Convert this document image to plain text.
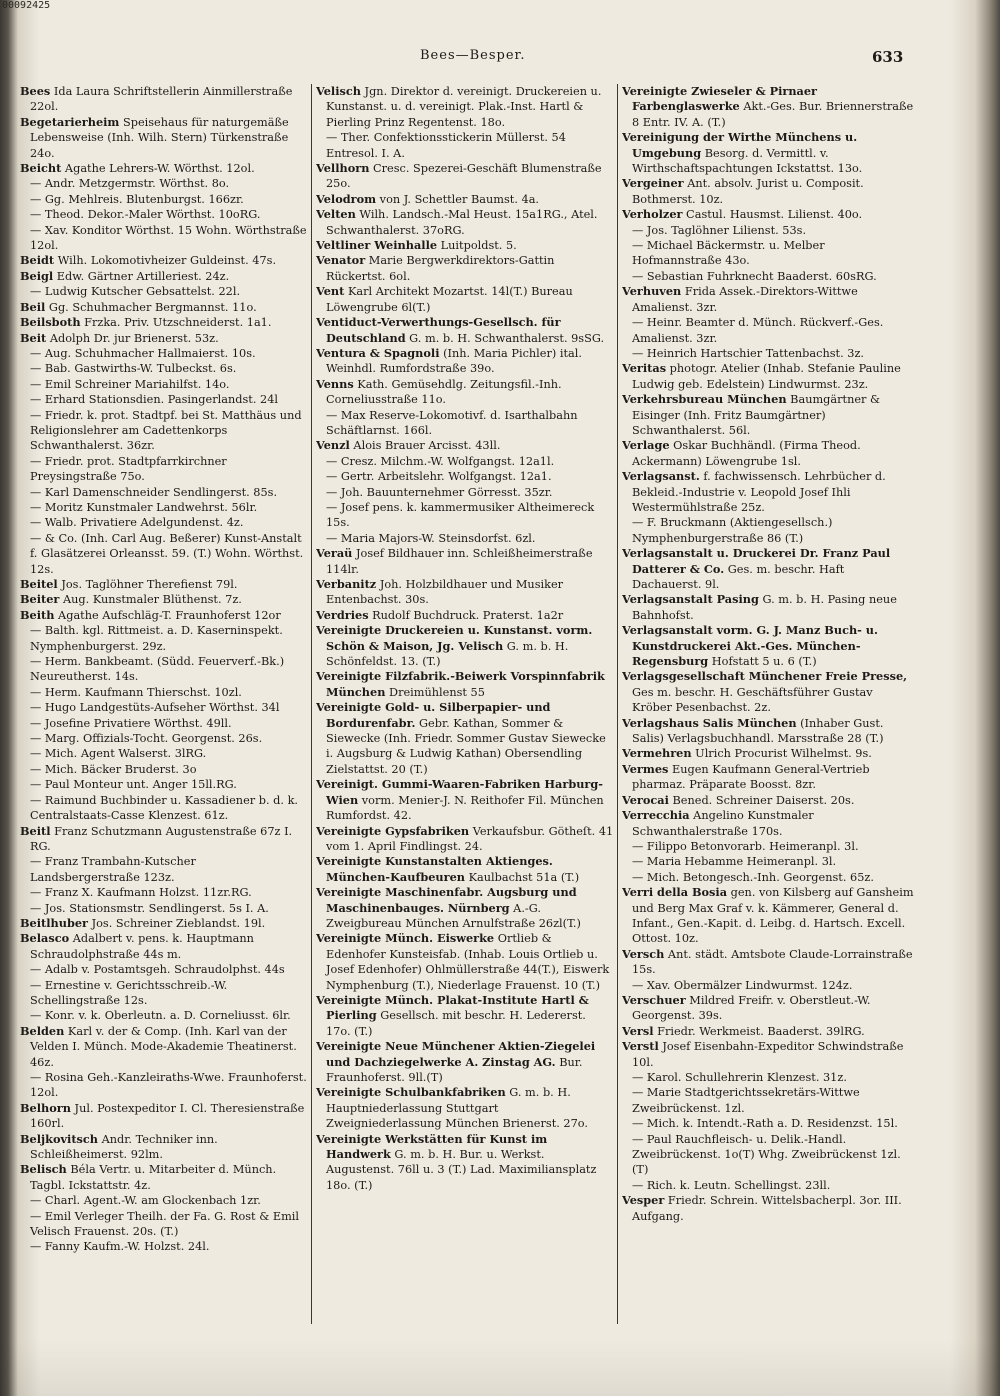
00092425
Bees—Besper.	633

Bees Ida Laura Schriftstellerin Ainmillerstraße 22ol.

Begetarierheim Speisehaus für naturgemäße Lebensweise (Inh. Wilh. Stern) Türkenstraße 24o.

Beicht Agathe Lehrers-W. Wörthst. 12ol.

— Andr. Metzgermstr. Wörthst. 8o.

— Gg. Mehlreis. Blutenburgst. 166zr.

— Theod. Dekor.-Maler Wörthst. 10oRG.

— Xav. Konditor Wörthst. 15 Wohn. Wörthstraße 12ol.

Beidt Wilh. Lokomotivheizer Guldeinst. 47s.

Beigl Edw. Gärtner Artilleriest. 24z.

— Ludwig Kutscher Gebsattelst. 22l.

Beil Gg. Schuhmacher Bergmannst. 11o.

Beilsboth Frzka. Priv. Utzschneiderst. 1a1.

Beit Adolph Dr. jur Brienerst. 53z.

— Aug. Schuhmacher Hallmaierst. 10s.

— Bab. Gastwirths-W. Tulbeckst. 6s.

— Emil Schreiner Mariahilfst. 14o.

— Erhard Stationsdien. Pasingerlandst. 24l

— Friedr. k. prot. Stadtpf. bei St. Matthäus und Religionslehrer am Cadettenkorps Schwanthalerst. 36zr.

— Friedr. prot. Stadtpfarrkirchner Preysingstraße 75o.

— Karl Damenschneider Sendlingerst. 85s.

— Moritz Kunstmaler Landwehrst. 56lr.

— Walb. Privatiere Adelgundenst. 4z.

— & Co. (Inh. Carl Aug. Beßerer) Kunst-Anstalt f. Glasätzerei Orleansst. 59. (T.) Wohn. Wörthst. 12s.

Beitel Jos. Taglöhner Therefienst 79l.

Beiter Aug. Kunstmaler Blüthenst. 7z.

Beith Agathe Aufschläg-T. Fraunhoferst 12or

— Balth. kgl. Rittmeist. a. D. Kaserninspekt. Nymphenburgerst. 29z.

— Herm. Bankbeamt. (Südd. Feuerverf.-Bk.) Neureutherst. 14s.

— Herm. Kaufmann Thierschst. 10zl.

— Hugo Landgestüts-Aufseher Wörthst. 34l

— Josefine Privatiere Wörthst. 49ll.

— Marg. Offizials-Tocht. Georgenst. 26s.

— Mich. Agent Walserst. 3lRG.

— Mich. Bäcker Bruderst. 3o

— Paul Monteur unt. Anger 15ll.RG.

— Raimund Buchbinder u. Kassadiener b. d. k. Centralstaats-Casse Klenzest. 61z.

Beitl Franz Schutzmann Augustenstraße 67z I. RG.

— Franz Trambahn-Kutscher Landsbergerstraße 123z.

— Franz X. Kaufmann Holzst. 11zr.RG.

— Jos. Stationsmstr. Sendlingerst. 5s I. A.

Beitlhuber Jos. Schreiner Zieblandst. 19l.

Belasco Adalbert v. pens. k. Hauptmann Schraudolphstraße 44s m.

— Adalb v. Postamtsgeh. Schraudolphst. 44s

— Ernestine v. Gerichtsschreib.-W. Schellingstraße 12s.

— Konr. v. k. Oberleutn. a. D. Corneliusst. 6lr.

Belden Karl v. der & Comp. (Inh. Karl van der Velden I. Münch. Mode-Akademie Theatinerst. 46z.

— Rosina Geh.-Kanzleiraths-Wwe. Fraunhoferst. 12ol.

Belhorn Jul. Postexpeditor I. Cl. Theresienstraße 160rl.

Beljkovitsch Andr. Techniker inn. Schleißheimerst. 92lm.

Belisch Béla Vertr. u. Mitarbeiter d. Münch. Tagbl. Ickstattstr. 4z.

— Charl. Agent.-W. am Glockenbach 1zr.

— Emil Verleger Theilh. der Fa. G. Rost & Emil Velisch Frauenst. 20s. (T.)

— Fanny Kaufm.-W. Holzst. 24l.

Velisch Jgn. Direktor d. vereinigt. Druckereien u. Kunstanst. u. d. vereinigt. Plak.-Inst. Hartl & Pierling Prinz Regentenst. 18o.

— Ther. Confektionsstickerin Müllerst. 54 Entresol. I. A.

Vellhorn Cresc. Spezerei-Geschäft Blumenstraße 25o.

Velodrom von J. Schettler Baumst. 4a.

Velten Wilh. Landsch.-Mal Heust. 15a1RG., Atel. Schwanthalerst. 37oRG.

Veltliner Weinhalle Luitpoldst. 5.

Venator Marie Bergwerkdirektors-Gattin Rückertst. 6ol.

Vent Karl Architekt Mozartst. 14l(T.) Bureau Löwengrube 6l(T.)

Ventiduct-Verwerthungs-Gesellsch. für Deutschland G. m. b. H. Schwanthalerst. 9sSG.

Ventura & Spagnoli (Inh. Maria Pichler) ital. Weinhdl. Rumfordstraße 39o.

Venns Kath. Gemüsehdlg. Zeitungsfil.-Inh. Corneliusstraße 11o.

— Max Reserve-Lokomotivf. d. Isarthalbahn Schäftlarnst. 166l.

Venzl Alois Brauer Arcisst. 43ll.

— Cresz. Milchm.-W. Wolfgangst. 12a1l.

— Gertr. Arbeitslehr. Wolfgangst. 12a1.

— Joh. Bauunternehmer Görresst. 35zr.

— Josef pens. k. kammermusiker Altheimereck 15s.

— Maria Majors-W. Steinsdorfst. 6zl.

Veraü Josef Bildhauer inn. Schleißheimerstraße 114lr.

Verbanitz Joh. Holzbildhauer und Musiker Entenbachst. 30s.

Verdries Rudolf Buchdruck. Praterst. 1a2r

Vereinigte Druckereien u. Kunstanst. vorm. Schön & Maison, Jg. Velisch G. m. b. H. Schönfeldst. 13. (T.)

Vereinigte Filzfabrik.-Beiwerk Vorspinnfabrik München Dreimühlenst 55

Vereinigte Gold- u. Silberpapier- und Bordurenfabr. Gebr. Kathan, Sommer & Siewecke (Inh. Friedr. Sommer Gustav Siewecke i. Augsburg & Ludwig Kathan) Obersendling Zielstattst. 20 (T.)

Vereinigt. Gummi-Waaren-Fabriken Harburg-Wien vorm. Menier-J. N. Reithofer Fil. München Rumfordst. 42.

Vereinigte Gypsfabriken Verkaufsbur. Götheſt. 41 vom 1. April Findlingst. 24.

Vereinigte Kunstanstalten Aktienges. München-Kaufbeuren Kaulbachst 51a (T.)

Vereinigte Maschinenfabr. Augsburg und Maschinenbauges. Nürnberg A.-G. Zweigbureau München Arnulfstraße 26zl(T.)

Vereinigte Münch. Eiswerke Ortlieb & Edenhofer Kunsteisfab. (Inhab. Louis Ortlieb u. Josef Edenhofer) Ohlmüllerstraße 44(T.), Eiswerk Nymphenburg (T.), Niederlage Frauenst. 10 (T.)

Vereinigte Münch. Plakat-Institute Hartl & Pierling Gesellsch. mit beschr. H. Ledererst. 17o. (T.)

Vereinigte Neue Münchener Aktien-Ziegelei und Dachziegelwerke A. Zinstag AG. Bur. Fraunhoferst. 9ll.(T)

Vereinigte Schulbankfabriken G. m. b. H. Hauptniederlassung Stuttgart Zweigniederlassung München Brienerst. 27o.

Vereinigte Werkstätten für Kunst im Handwerk G. m. b. H. Bur. u. Werkst. Augustenst. 76ll u. 3 (T.) Lad. Maximiliansplatz 18o. (T.)

Vereinigte Zwieseler & Pirnaer Farbenglaswerke Akt.-Ges. Bur. Briennerstraße 8 Entr. IV. A. (T.)

Vereinigung der Wirthe Münchens u. Umgebung Besorg. d. Vermittl. v. Wirthschaftspachtungen Ickstattst. 13o.

Vergeiner Ant. absolv. Jurist u. Composit. Bothmerst. 10z.

Verholzer Castul. Hausmst. Lilienst. 40o.

— Jos. Taglöhner Lilienst. 53s.

— Michael Bäckermstr. u. Melber Hofmannstraße 43o.

— Sebastian Fuhrknecht Baaderst. 60sRG.

Verhuven Frida Assek.-Direktors-Wittwe Amalienst. 3zr.

— Heinr. Beamter d. Münch. Rückverf.-Ges. Amalienst. 3zr.

— Heinrich Hartschier Tattenbachst. 3z.

Veritas photogr. Atelier (Inhab. Stefanie Pauline Ludwig geb. Edelstein) Lindwurmst. 23z.

Verkehrsbureau München Baumgärtner & Eisinger (Inh. Fritz Baumgärtner) Schwanthalerst. 56l.

Verlage Oskar Buchhändl. (Firma Theod. Ackermann) Löwengrube 1sl.

Verlagsanst. f. fachwissensch. Lehrbücher d. Bekleid.-Industrie v. Leopold Josef Ihli Westermühlstraße 25z.

— F. Bruckmann (Aktiengesellsch.) Nymphenburgerstraße 86 (T.)

Verlagsanstalt u. Druckerei Dr. Franz Paul Datterer & Co. Ges. m. beschr. Haft Dachauerst. 9l.

Verlagsanstalt Pasing G. m. b. H. Pasing neue Bahnhofst.

Verlagsanstalt vorm. G. J. Manz Buch- u. Kunstdruckerei Akt.-Ges. München-Regensburg Hofstatt 5 u. 6 (T.)

Verlagsgesellschaft Münchener Freie Presse, Ges m. beschr. H. Geschäftsführer Gustav Kröber Pesenbachst. 2z.

Verlagshaus Salis München (Inhaber Gust. Salis) Verlagsbuchhandl. Marsstraße 28 (T.)

Vermehren Ulrich Procurist Wilhelmst. 9s.

Vermes Eugen Kaufmann General-Vertrieb pharmaz. Präparate Boosst. 8zr.

Verocai Bened. Schreiner Daiserst. 20s.

Verrecchia Angelino Kunstmaler Schwanthalerstraße 170s.

— Filippo Betonvorarb. Heimeranpl. 3l.

— Maria Hebamme Heimeranpl. 3l.

— Mich. Betongesch.-Inh. Georgenst. 65z.

Verri della Bosia gen. von Kilsberg auf Gansheim und Berg Max Graf v. k. Kämmerer, General d. Infant., Gen.-Kapit. d. Leibg. d. Hartsch. Excell. Ottost. 10z.

Versch Ant. städt. Amtsbote Claude-Lorrainstraße 15s.

— Xav. Obermälzer Lindwurmst. 124z.

Verschuer Mildred Freifr. v. Oberstleut.-W. Georgenst. 39s.

Versl Friedr. Werkmeist. Baaderst. 39lRG.

Verstl Josef Eisenbahn-Expeditor Schwindstraße 10l.

— Karol. Schullehrerin Klenzest. 31z.

— Marie Stadtgerichtssekretärs-Wittwe Zweibrückenst. 1zl.

— Mich. k. Intendt.-Rath a. D. Residenzst. 15l.

— Paul Rauchfleisch- u. Delik.-Handl. Zweibrückenst. 1o(T) Whg. Zweibrückenst 1zl.(T)

— Rich. k. Leutn. Schellingst. 23ll.

Vesper Friedr. Schrein. Wittelsbacherpl. 3or. III. Aufgang.
